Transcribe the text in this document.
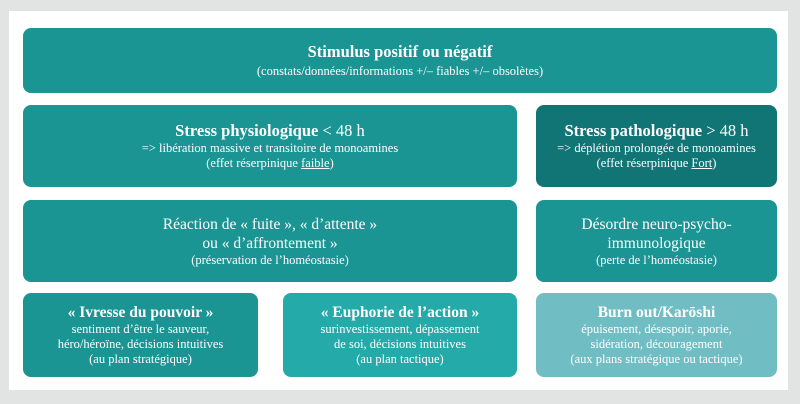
Stimulus positif ou négatif
(constats/données/informations +/– fiables +/– obsolètes)
Stress physiologique < 48 h
=> libération massive et transitoire de monoamines
(effet réserpinique faible)
Stress pathologique > 48 h
=> déplétion prolongée de monoamines
(effet réserpinique Fort)
Réaction de « fuite », « d’attente »
ou « d’affrontement »
(préservation de l’homéostasie)
Désordre neuro-psycho-
immunologique
(perte de l’homéostasie)
« Ivresse du pouvoir »
sentiment d’être le sauveur,
héro/héroïne, décisions intuitives
(au plan stratégique)
« Euphorie de l’action »
surinvestissement, dépassement
de soi, décisions intuitives
(au plan tactique)
Burn out/Karōshi
épuisement, désespoir, aporie,
sidération, découragement
(aux plans stratégique ou tactique)
